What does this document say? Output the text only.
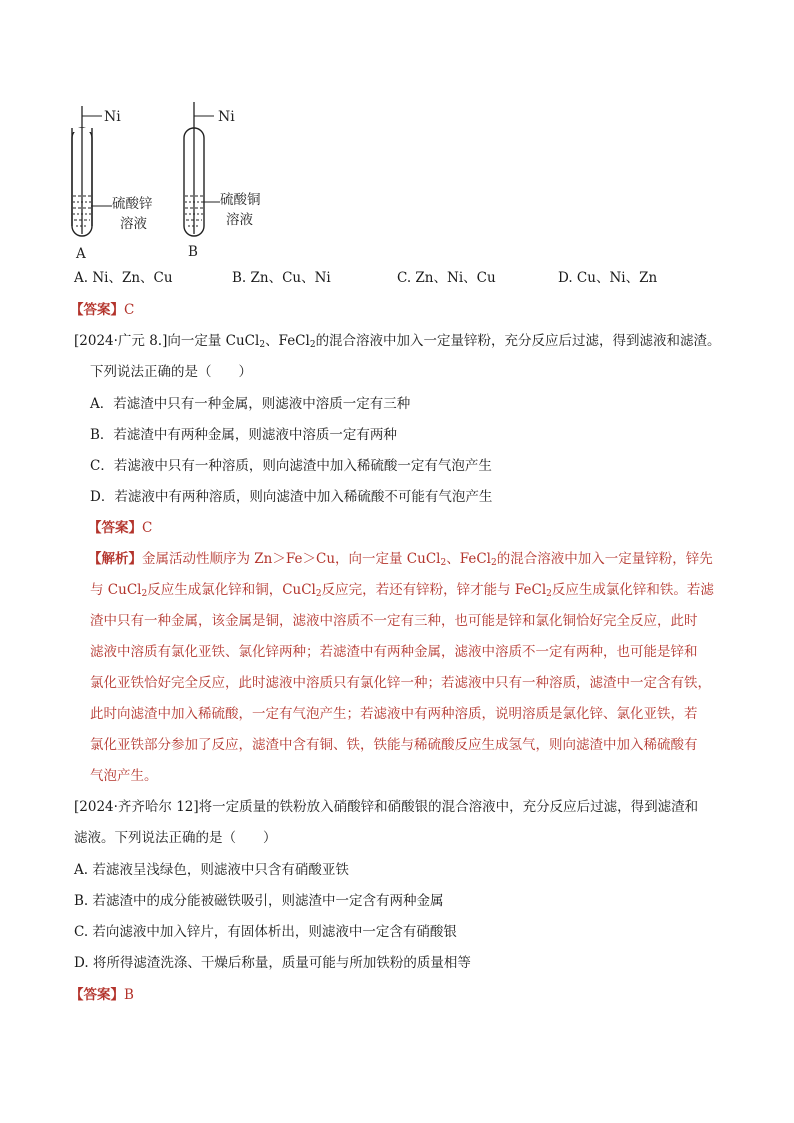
Ni
硫酸锌
溶液
A
Ni
硫酸铜
溶液
B
A. Ni、Zn、Cu	B. Zn、Cu、Ni	C. Zn、Ni、Cu	D. Cu、Ni、Zn
【答案】C
[2024·广元 8.]向一定量 CuCl$_2$、FeCl$_2$的混合溶液中加入一定量锌粉，充分反应后过滤，得到滤液和滤渣。
下列说法正确的是（　　）
A．若滤渣中只有一种金属，则滤液中溶质一定有三种
B．若滤渣中有两种金属，则滤液中溶质一定有两种
C．若滤液中只有一种溶质，则向滤渣中加入稀硫酸一定有气泡产生
D．若滤液中有两种溶质，则向滤渣中加入稀硫酸不可能有气泡产生
【答案】C
【解析】金属活动性顺序为 Zn＞Fe＞Cu，向一定量 CuCl$_2$、FeCl$_2$的混合溶液中加入一定量锌粉，锌先
与 CuCl$_2$反应生成氯化锌和铜，CuCl$_2$反应完，若还有锌粉，锌才能与 FeCl$_2$反应生成氯化锌和铁。若滤
渣中只有一种金属，该金属是铜，滤液中溶质不一定有三种，也可能是锌和氯化铜恰好完全反应，此时
滤液中溶质有氯化亚铁、氯化锌两种；若滤渣中有两种金属，滤液中溶质不一定有两种，也可能是锌和
氯化亚铁恰好完全反应，此时滤液中溶质只有氯化锌一种；若滤液中只有一种溶质，滤渣中一定含有铁，
此时向滤渣中加入稀硫酸，一定有气泡产生；若滤液中有两种溶质，说明溶质是氯化锌、氯化亚铁，若
氯化亚铁部分参加了反应，滤渣中含有铜、铁，铁能与稀硫酸反应生成氢气，则向滤渣中加入稀硫酸有
气泡产生。
[2024·齐齐哈尔 12]将一定质量的铁粉放入硝酸锌和硝酸银的混合溶液中，充分反应后过滤，得到滤渣和
滤液。下列说法正确的是（　　）
A. 若滤液呈浅绿色，则滤液中只含有硝酸亚铁
B. 若滤渣中的成分能被磁铁吸引，则滤渣中一定含有两种金属
C. 若向滤液中加入锌片，有固体析出，则滤液中一定含有硝酸银
D. 将所得滤渣洗涤、干燥后称量，质量可能与所加铁粉的质量相等
【答案】B
